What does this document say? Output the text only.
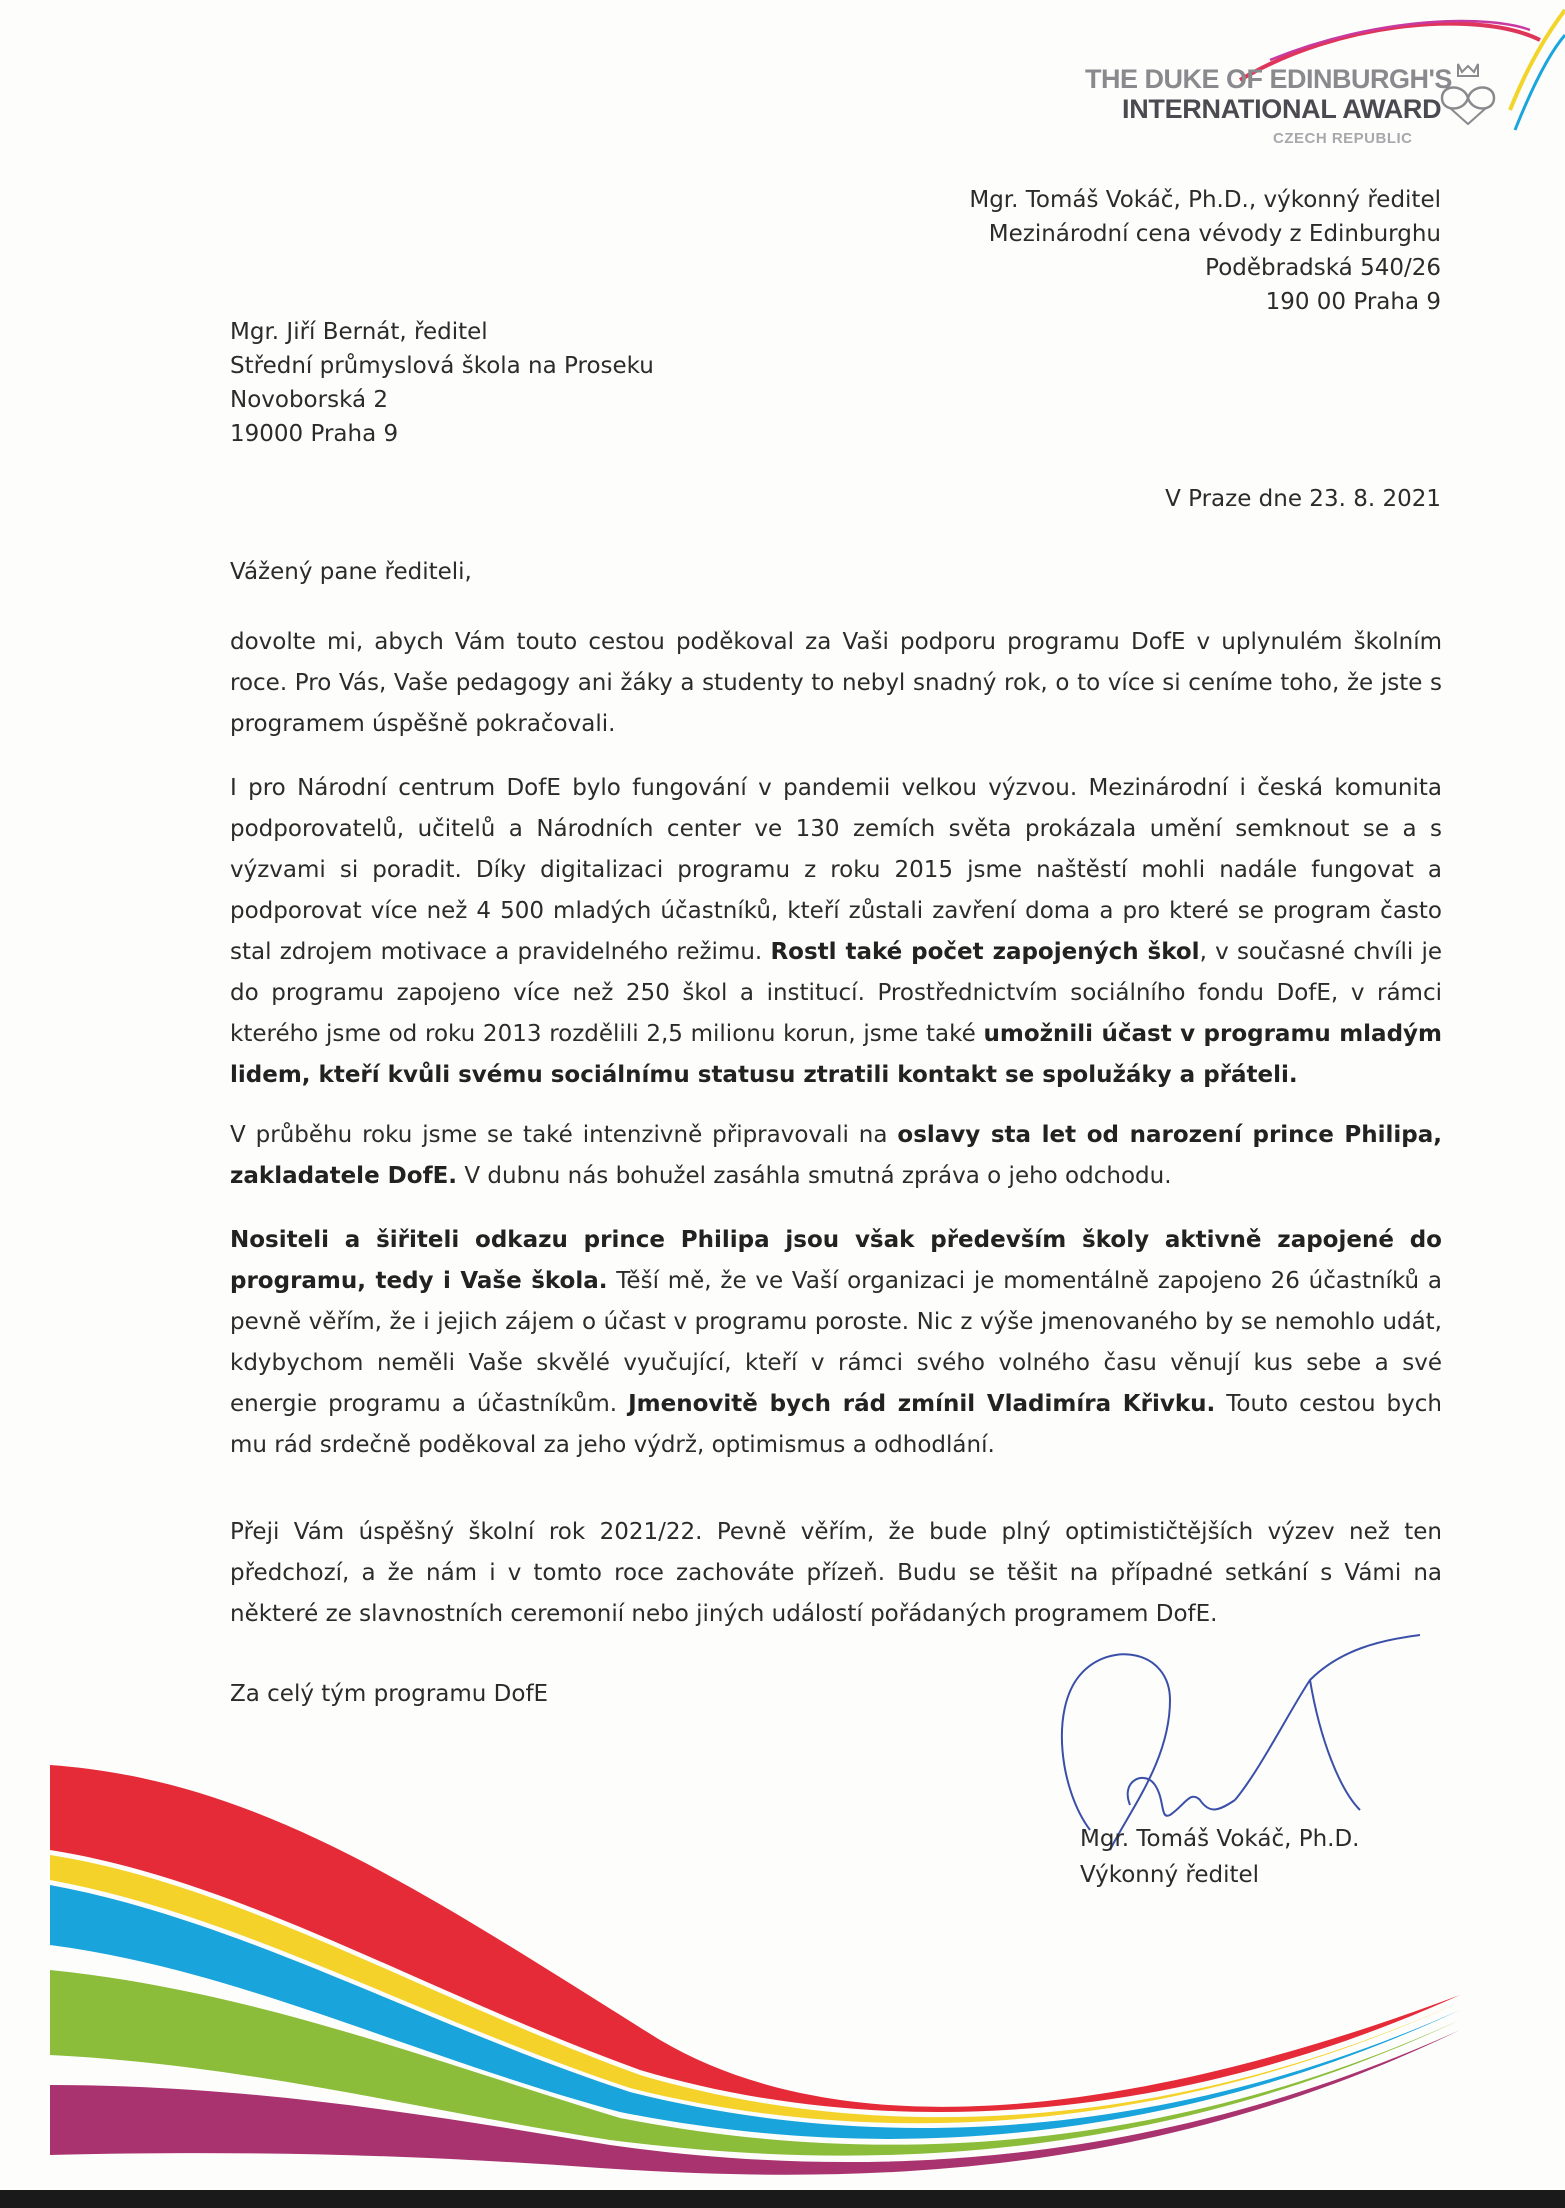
THE DUKE OF EDINBURGH'S
INTERNATIONAL AWARD
CZECH REPUBLIC
Mgr. Tomáš Vokáč, Ph.D., výkonný ředitel
Mezinárodní cena vévody z Edinburghu
Poděbradská 540/26
190 00 Praha 9
Mgr. Jiří Bernát, ředitel
Střední průmyslová škola na Proseku
Novoborská 2
19000 Praha 9
V Praze dne 23. 8. 2021
Vážený pane řediteli,
dovolte mi, abych Vám touto cestou poděkoval za Vaši podporu programu DofE v uplynulém školním roce. Pro Vás, Vaše pedagogy ani žáky a studenty to nebyl snadný rok, o to více si ceníme toho, že jste s programem úspěšně pokračovali.
I pro Národní centrum DofE bylo fungování v pandemii velkou výzvou. Mezinárodní i česká komunita podporovatelů, učitelů a Národních center ve 130 zemích světa prokázala umění semknout se a s výzvami si poradit. Díky digitalizaci programu z roku 2015 jsme naštěstí mohli nadále fungovat a podporovat více než 4 500 mladých účastníků, kteří zůstali zavření doma a pro které se program často stal zdrojem motivace a pravidelného režimu. Rostl také počet zapojených škol, v současné chvíli je do programu zapojeno více než 250 škol a institucí. Prostřednictvím sociálního fondu DofE, v rámci kterého jsme od roku 2013 rozdělili 2,5 milionu korun, jsme také umožnili účast v programu mladým lidem, kteří kvůli svému sociálnímu statusu ztratili kontakt se spolužáky a přáteli.
V průběhu roku jsme se také intenzivně připravovali na oslavy sta let od narození prince Philipa, zakladatele DofE. V dubnu nás bohužel zasáhla smutná zpráva o jeho odchodu.
Nositeli a šiřiteli odkazu prince Philipa jsou však především školy aktivně zapojené do programu, tedy i Vaše škola. Těší mě, že ve Vaší organizaci je momentálně zapojeno 26 účastníků a pevně věřím, že i jejich zájem o účast v programu poroste. Nic z výše jmenovaného by se nemohlo udát, kdybychom neměli Vaše skvělé vyučující, kteří v rámci svého volného času věnují kus sebe a své energie programu a účastníkům. Jmenovitě bych rád zmínil Vladimíra Křivku. Touto cestou bych mu rád srdečně poděkoval za jeho výdrž, optimismus a odhodlání.
Přeji Vám úspěšný školní rok 2021/22. Pevně věřím, že bude plný optimističtějších výzev než ten předchozí, a že nám i v tomto roce zachováte přízeň. Budu se těšit na případné setkání s Vámi na některé ze slavnostních ceremonií nebo jiných událostí pořádaných programem DofE.
Za celý tým programu DofE
Mgr. Tomáš Vokáč, Ph.D.
Výkonný ředitel
